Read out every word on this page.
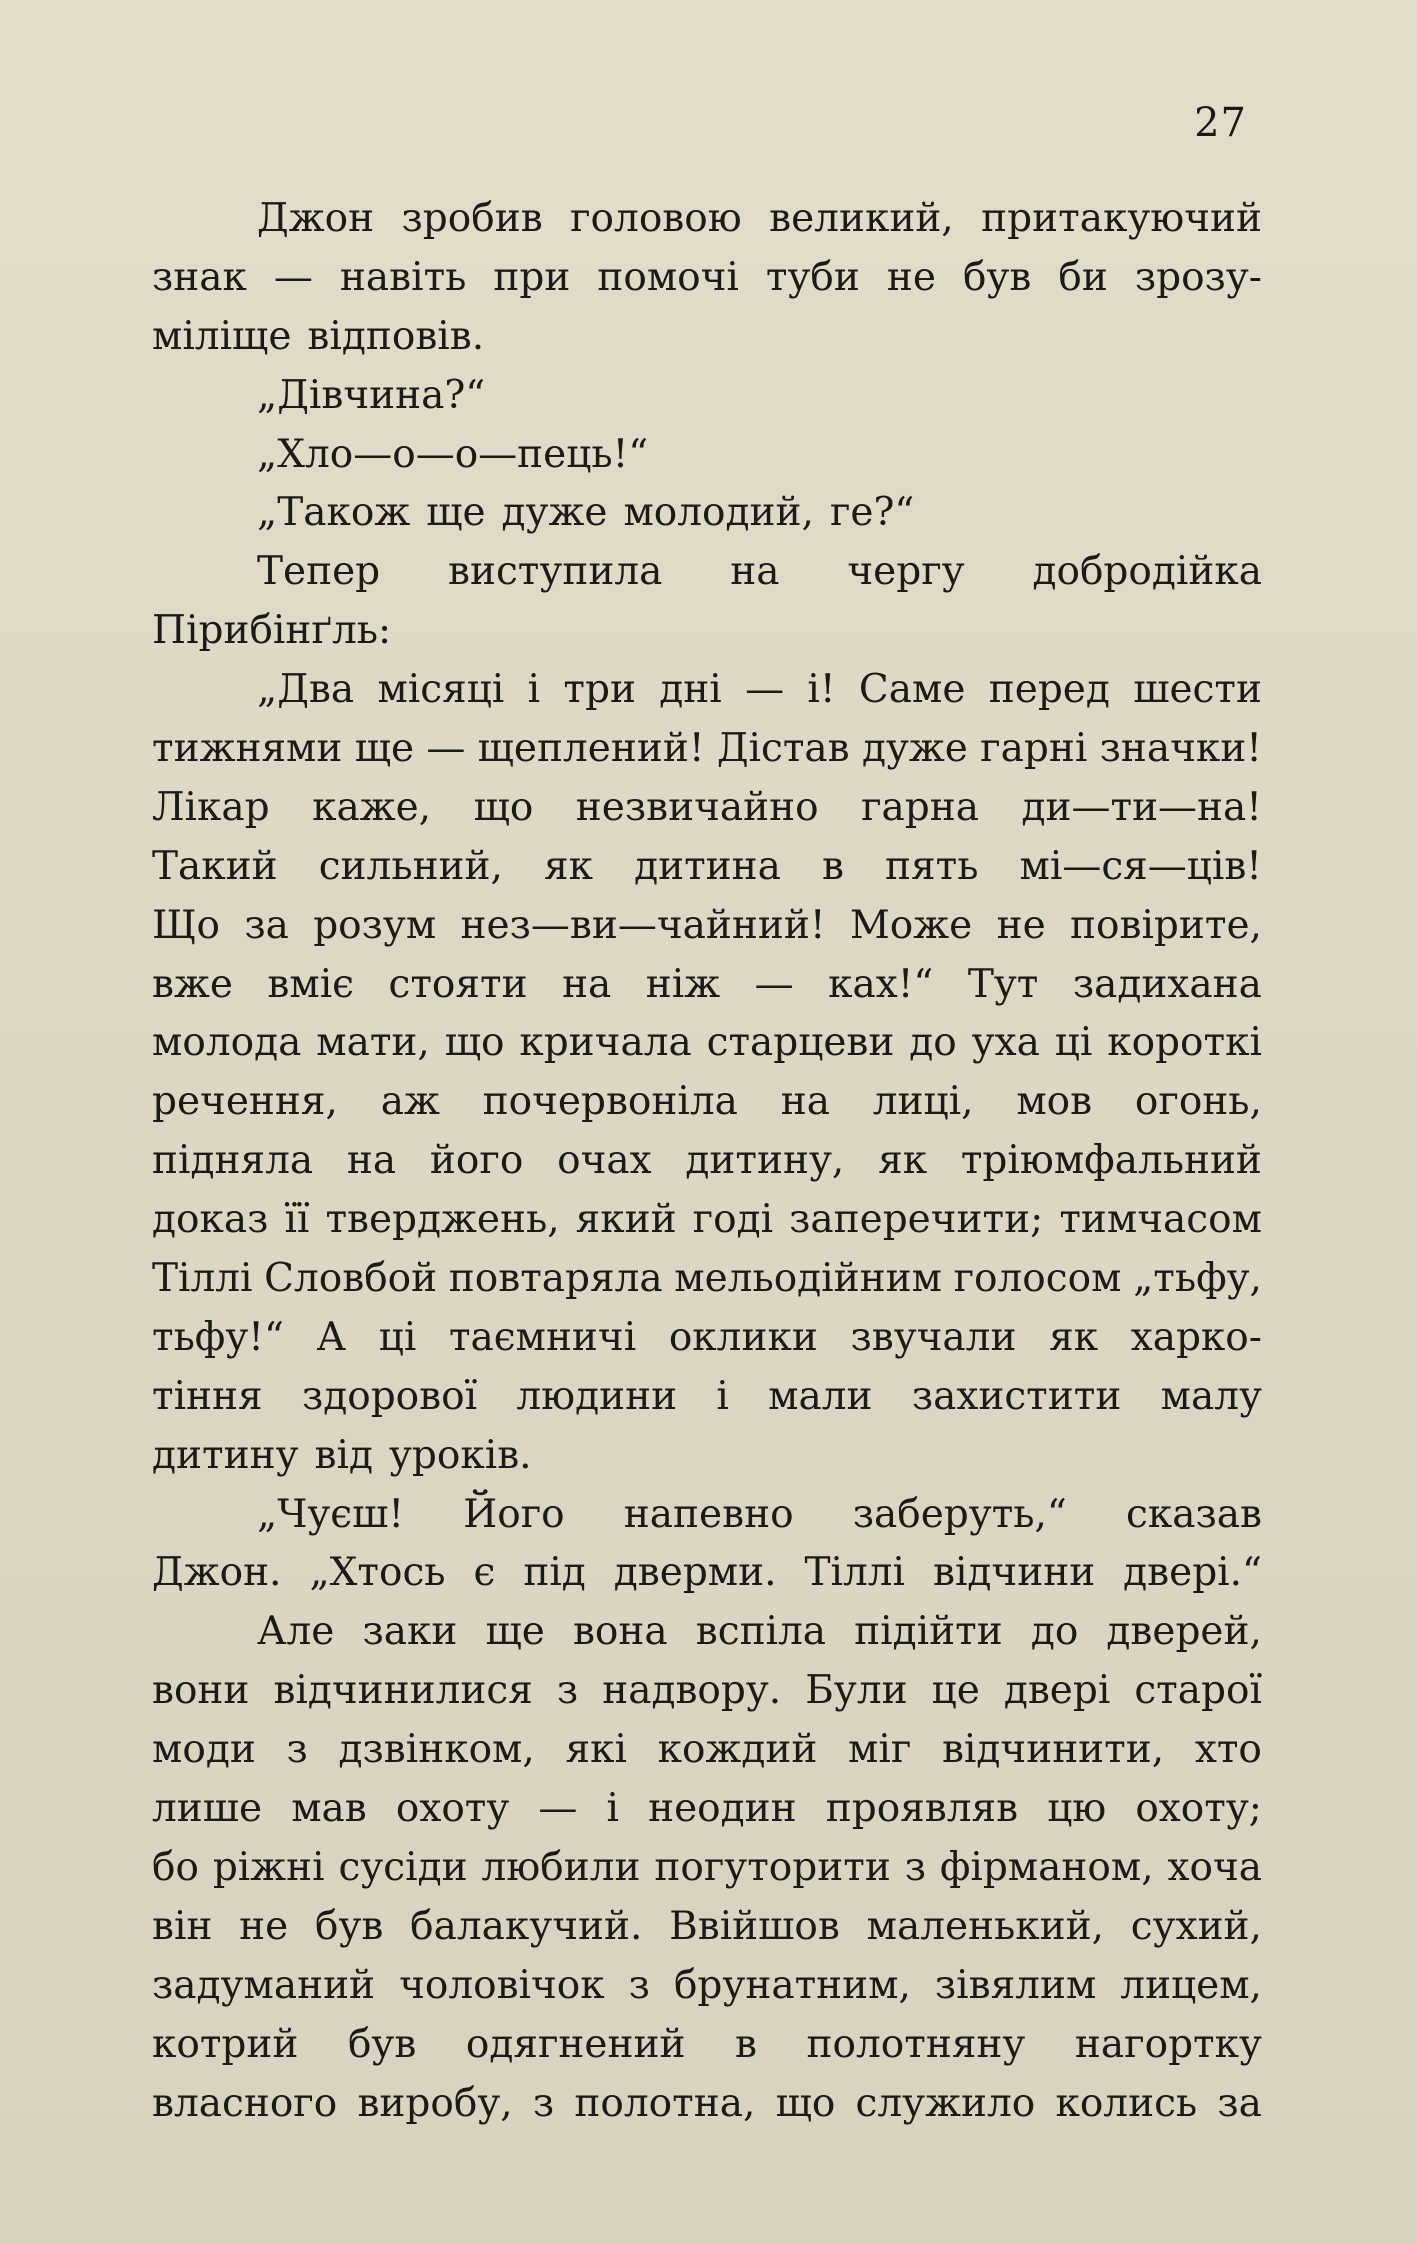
27
Джон зробив головою великий, притакуючий
знак — навіть при помочі туби не був би зрозу-
міліще відповів.
„Дівчина?“
„Хло—о—о—пець!“
„Також ще дуже молодий, ге?“
Тепер виступила на чергу добродійка
Пірибінґль:
„Два місяці і три дні — і! Саме перед шести
тижнями ще — щеплений! Дістав дуже гарні значки!
Лікар каже, що незвичайно гарна ди—ти—на!
Такий сильний, як дитина в пять мі—ся—ців!
Що за розум нез—ви—чайний! Може не повірите,
вже вміє стояти на ніж — ках!“ Тут задихана
молода мати, що кричала старцеви до уха ці короткі
речення, аж почервоніла на лиці, мов огонь,
підняла на його очах дитину, як тріюмфальний
доказ її тверджень, який годі заперечити; тимчасом
Тіллі Словбой повтаряла мельодійним голосом „тьфу,
тьфу!“ А ці таємничі оклики звучали як харко-
тіння здорової людини і мали захистити малу
дитину від уроків.
„Чуєш! Його напевно заберуть,“ сказав
Джон. „Хтось є під дверми. Тіллі відчини двері.“
Але заки ще вона вспіла підійти до дверей,
вони відчинилися з надвору. Були це двері старої
моди з дзвінком, які кождий міг відчинити, хто
лише мав охоту — і неодин проявляв цю охоту;
бо ріжні сусіди любили погуторити з фірманом, хоча
він не був балакучий. Ввійшов маленький, сухий,
задуманий чоловічок з брунатним, зівялим лицем,
котрий був одягнений в полотняну нагортку
власного виробу, з полотна, що служило колись за
